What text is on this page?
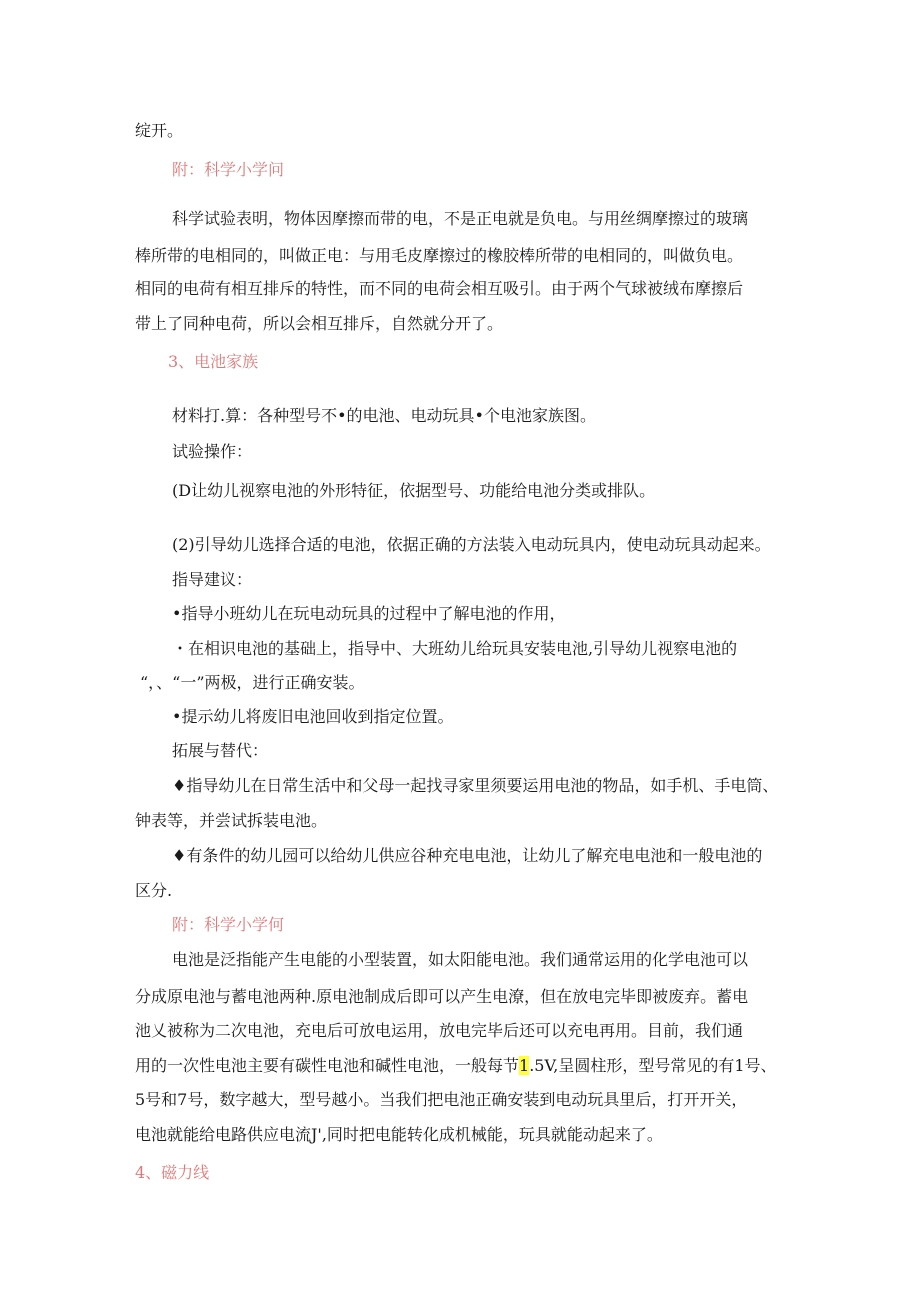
绽开。
附：科学小学问
科学试验表明，物体因摩擦而带的电，不是正电就是负电。与用丝绸摩擦过的玻璃
棒所带的电相同的，叫做正电：与用毛皮摩擦过的橡胶棒所带的电相同的，叫做负电。
相同的电荷有相互排斥的特性，而不同的电荷会相互吸引。由于两个气球被绒布摩擦后
带上了同种电荷，所以会相互排斥，自然就分开了。
3、电池家族
材料打.算：各种型号不•的电池、电动玩具•个电池家族图。
试验操作：
(D让幼儿视察电池的外形特征，依据型号、功能给电池分类或排队。
(2)引导幼儿选择合适的电池，依据正确的方法装入电动玩具内，使电动玩具动起来。
指导建议：
•指导小班幼儿在玩电动玩具的过程中了解电池的作用，
・在相识电池的基础上，指导中、大班幼儿给玩具安装电池,引导幼儿视察电池的
“，、“一”两极，进行正确安装。
•提示幼儿将废旧电池回收到指定位置。
拓展与替代：
♦指导幼儿在日常生活中和父母一起找寻家里须要运用电池的物品，如手机、手电筒、
钟表等，并尝试拆装电池。
♦有条件的幼儿园可以给幼儿供应谷种充电电池，让幼儿了解充电电池和一般电池的
区分.
附：科学小学何
电池是泛指能产生电能的小型装置，如太阳能电池。我们通常运用的化学电池可以
分成原电池与蓄电池两种.原电池制成后即可以产生电潦，但在放电完毕即被废弃。蓄电
池乂被称为二次电池，充电后可放电运用，放电完毕后还可以充电再用。目前，我们通
用的一次性电池主要有碳性电池和碱性电池，一般每节1.5V,呈圆柱形，型号常见的有1号、
5号和7号，数字越大，型号越小。当我们把电池正确安装到电动玩具里后，打开开关，
电池就能给电路供应电流J',同时把电能转化成机械能，玩具就能动起来了。
4、磁力线
